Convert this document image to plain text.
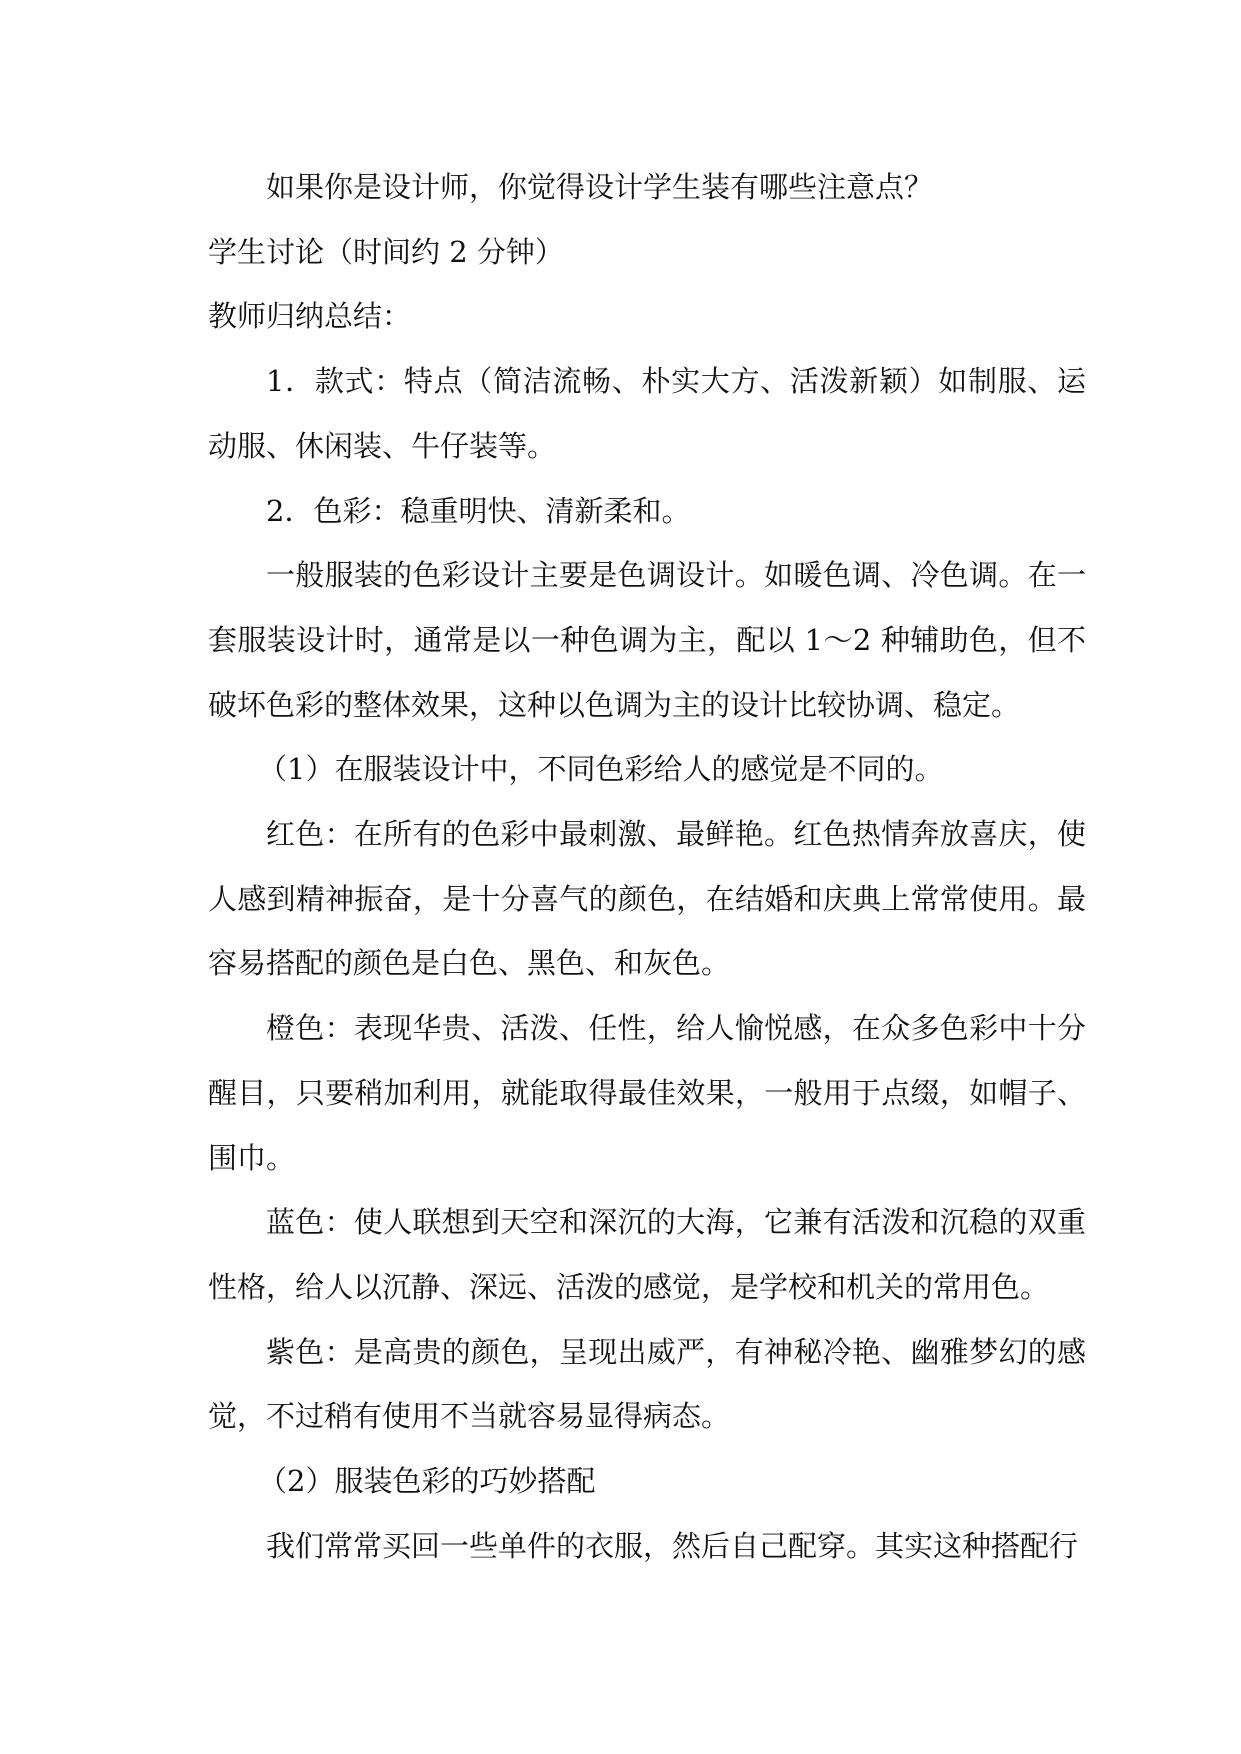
如果你是设计师，你觉得设计学生装有哪些注意点？

学生讨论（时间约 2 分钟）

教师归纳总结：

1．款式：特点（简洁流畅、朴实大方、活泼新颖）如制服、运动服、休闲装、牛仔装等。

2．色彩：稳重明快、清新柔和。

一般服装的色彩设计主要是色调设计。如暖色调、冷色调。在一套服装设计时，通常是以一种色调为主，配以 1～2 种辅助色，但不破坏色彩的整体效果，这种以色调为主的设计比较协调、稳定。

（1）在服装设计中，不同色彩给人的感觉是不同的。

红色：在所有的色彩中最刺激、最鲜艳。红色热情奔放喜庆，使人感到精神振奋，是十分喜气的颜色，在结婚和庆典上常常使用。最容易搭配的颜色是白色、黑色、和灰色。

橙色：表现华贵、活泼、任性，给人愉悦感，在众多色彩中十分醒目，只要稍加利用，就能取得最佳效果，一般用于点缀，如帽子、围巾。

蓝色：使人联想到天空和深沉的大海，它兼有活泼和沉稳的双重性格，给人以沉静、深远、活泼的感觉，是学校和机关的常用色。

紫色：是高贵的颜色，呈现出威严，有神秘冷艳、幽雅梦幻的感觉，不过稍有使用不当就容易显得病态。

（2）服装色彩的巧妙搭配

我们常常买回一些单件的衣服，然后自己配穿。其实这种搭配行
